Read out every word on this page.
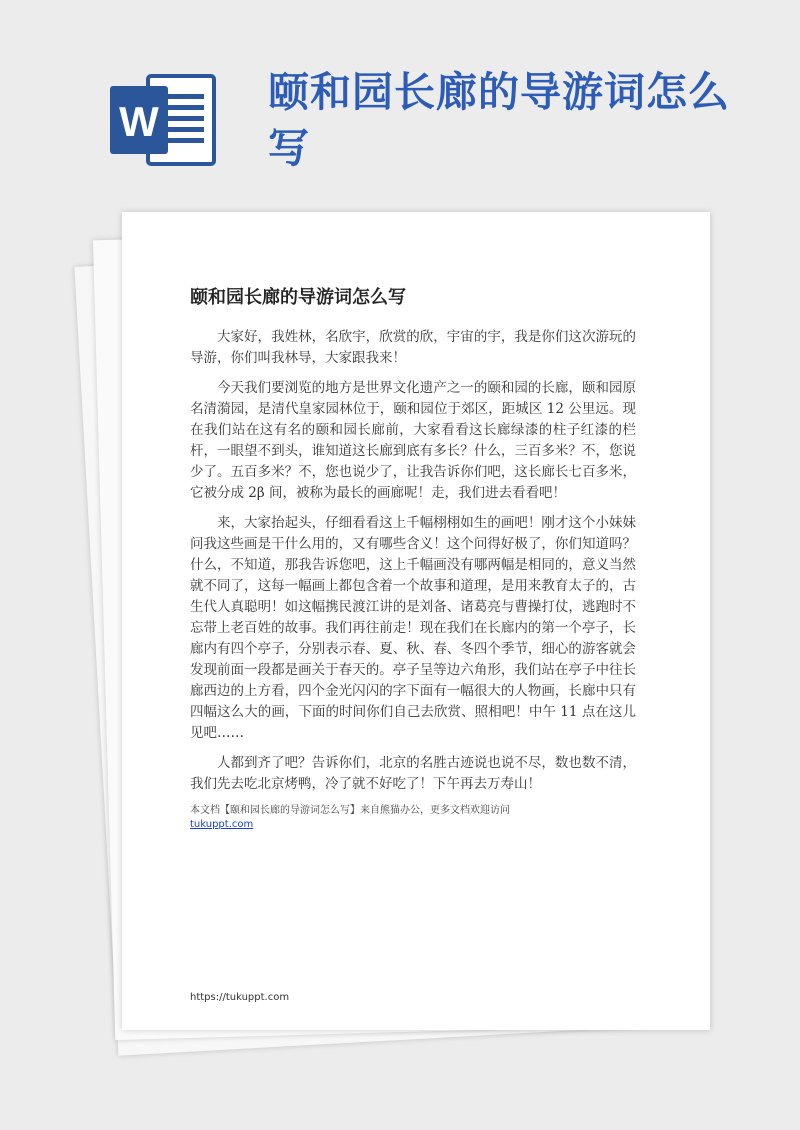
W
颐和园长廊的导游词怎么写
颐和园长廊的导游词怎么写

大家好，我姓林，名欣宇，欣赏的欣，宇宙的宇，我是你们这次游玩的导游，你们叫我林导，大家跟我来！

今天我们要浏览的地方是世界文化遗产之一的颐和园的长廊，颐和园原名清漪园，是清代皇家园林位于，颐和园位于郊区，距城区 12 公里远。现在我们站在这有名的颐和园长廊前，大家看看这长廊绿漆的柱子红漆的栏杆，一眼望不到头，谁知道这长廊到底有多长？什么，三百多米？不，您说少了。五百多米？不，您也说少了，让我告诉你们吧，这长廊长七百多米，它被分成 2β 间，被称为最长的画廊呢！走，我们进去看看吧！

来，大家抬起头，仔细看看这上千幅栩栩如生的画吧！刚才这个小妹妹问我这些画是干什么用的，又有哪些含义！这个问得好极了，你们知道吗？什么，不知道，那我告诉您吧，这上千幅画没有哪两幅是相同的，意义当然就不同了，这每一幅画上都包含着一个故事和道理，是用来教育太子的，古生代人真聪明！如这幅携民渡江讲的是刘备、诸葛亮与曹操打仗，逃跑时不忘带上老百姓的故事。我们再往前走！现在我们在长廊内的第一个亭子，长廊内有四个亭子，分别表示春、夏、秋、春、冬四个季节，细心的游客就会发现前面一段都是画关于春天的。亭子呈等边六角形，我们站在亭子中往长廊西边的上方看，四个金光闪闪的字下面有一幅很大的人物画，长廊中只有四幅这么大的画，下面的时间你们自己去欣赏、照相吧！中午 11 点在这儿见吧……

人都到齐了吧？告诉你们，北京的名胜古迹说也说不尽，数也数不清，我们先去吃北京烤鸭，冷了就不好吃了！下午再去万寿山！

本文档【颐和园长廊的导游词怎么写】来自熊猫办公，更多文档欢迎访问
tukuppt.com
https://tukuppt.com
